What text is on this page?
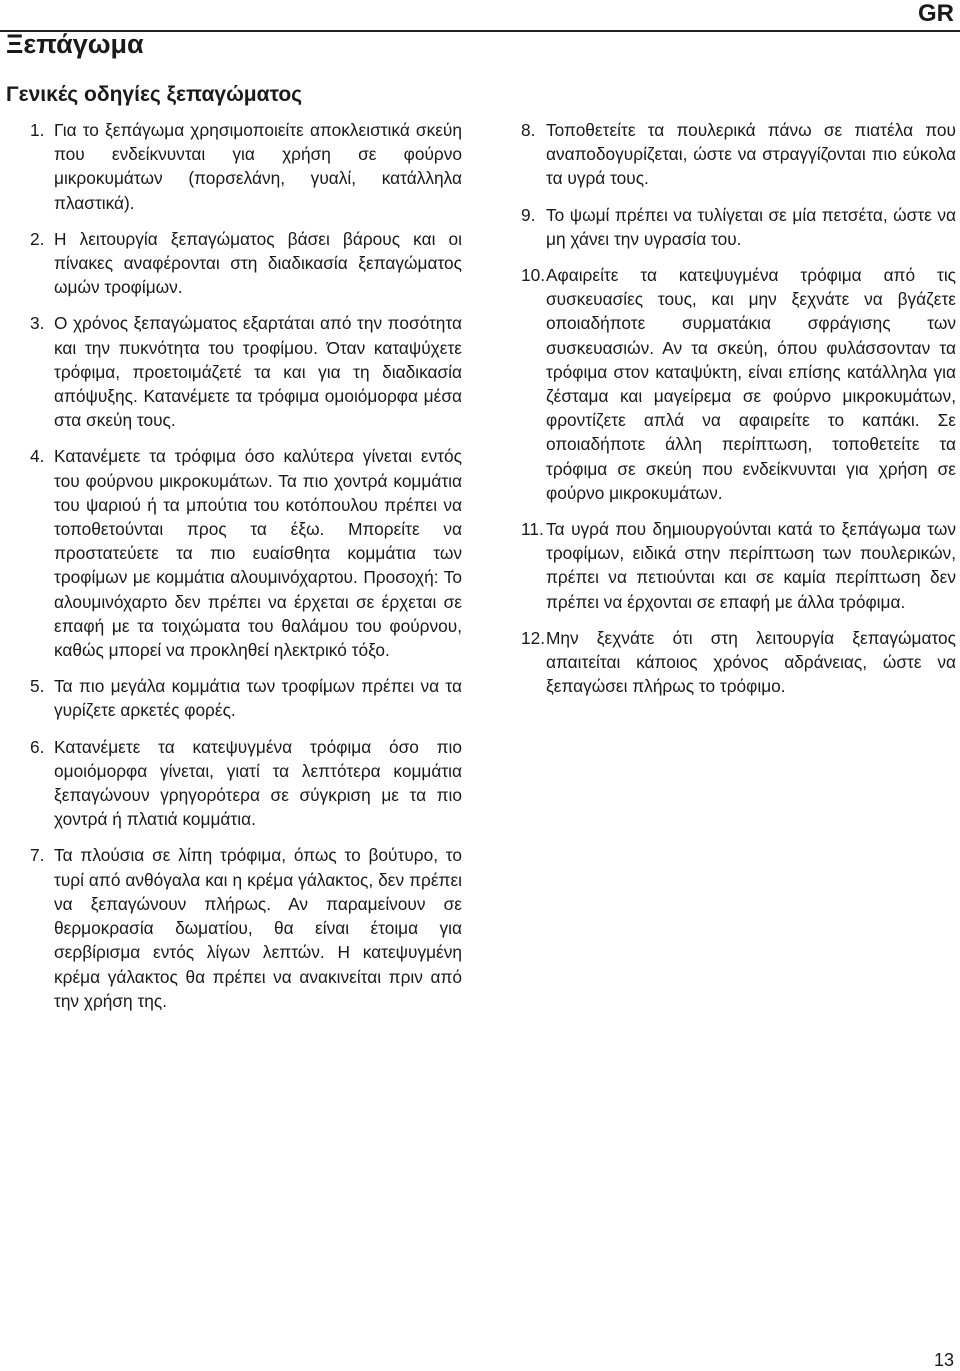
GR
Ξεπάγωμα
Γενικές οδηγίες ξεπαγώματος
1. Για το ξεπάγωμα χρησιμοποιείτε αποκλειστικά σκεύη που ενδείκνυνται για χρήση σε φούρνο μικροκυμάτων (πορσελάνη, γυαλί, κατάλληλα πλαστικά).
2. Η λειτουργία ξεπαγώματος βάσει βάρους και οι πίνακες αναφέρονται στη διαδικασία ξεπαγώματος ωμών τροφίμων.
3. Ο χρόνος ξεπαγώματος εξαρτάται από την ποσότητα και την πυκνότητα του τροφίμου. Όταν καταψύχετε τρόφιμα, προετοιμάζετέ τα και για τη διαδικασία απόψυξης. Κατανέμετε τα τρόφιμα ομοιόμορφα μέσα στα σκεύη τους.
4. Κατανέμετε τα τρόφιμα όσο καλύτερα γίνεται εντός του φούρνου μικροκυμάτων. Τα πιο χοντρά κομμάτια του ψαριού ή τα μπούτια του κοτόπουλου πρέπει να τοποθετούνται προς τα έξω. Μπορείτε να προστατεύετε τα πιο ευαίσθητα κομμάτια των τροφίμων με κομμάτια αλουμινόχαρτου. Προσοχή: Το αλουμινόχαρτο δεν πρέπει να έρχεται σε έρχεται σε επαφή με τα τοιχώματα του θαλάμου του φούρνου, καθώς μπορεί να προκληθεί ηλεκτρικό τόξο.
5. Τα πιο μεγάλα κομμάτια των τροφίμων πρέπει να τα γυρίζετε αρκετές φορές.
6. Κατανέμετε τα κατεψυγμένα τρόφιμα όσο πιο ομοιόμορφα γίνεται, γιατί τα λεπτότερα κομμάτια ξεπαγώνουν γρηγορότερα σε σύγκριση με τα πιο χοντρά ή πλατιά κομμάτια.
7. Τα πλούσια σε λίπη τρόφιμα, όπως το βούτυρο, το τυρί από ανθόγαλα και η κρέμα γάλακτος, δεν πρέπει να ξεπαγώνουν πλήρως. Αν παραμείνουν σε θερμοκρασία δωματίου, θα είναι έτοιμα για σερβίρισμα εντός λίγων λεπτών. Η κατεψυγμένη κρέμα γάλακτος θα πρέπει να ανακινείται πριν από την χρήση της.
8. Τοποθετείτε τα πουλερικά πάνω σε πιατέλα που αναποδογυρίζεται, ώστε να στραγγίζονται πιο εύκολα τα υγρά τους.
9. Το ψωμί πρέπει να τυλίγεται σε μία πετσέτα, ώστε να μη χάνει την υγρασία του.
10. Αφαιρείτε τα κατεψυγμένα τρόφιμα από τις συσκευασίες τους, και μην ξεχνάτε να βγάζετε οποιαδήποτε συρματάκια σφράγισης των συσκευασιών. Αν τα σκεύη, όπου φυλάσσονταν τα τρόφιμα στον καταψύκτη, είναι επίσης κατάλληλα για ζέσταμα και μαγείρεμα σε φούρνο μικροκυμάτων, φροντίζετε απλά να αφαιρείτε το καπάκι. Σε οποιαδήποτε άλλη περίπτωση, τοποθετείτε τα τρόφιμα σε σκεύη που ενδείκνυνται για χρήση σε φούρνο μικροκυμάτων.
11. Τα υγρά που δημιουργούνται κατά το ξεπάγωμα των τροφίμων, ειδικά στην περίπτωση των πουλερικών, πρέπει να πετιούνται και σε καμία περίπτωση δεν πρέπει να έρχονται σε επαφή με άλλα τρόφιμα.
12. Μην ξεχνάτε ότι στη λειτουργία ξεπαγώματος απαιτείται κάποιος χρόνος αδράνειας, ώστε να ξεπαγώσει πλήρως το τρόφιμο.
13
